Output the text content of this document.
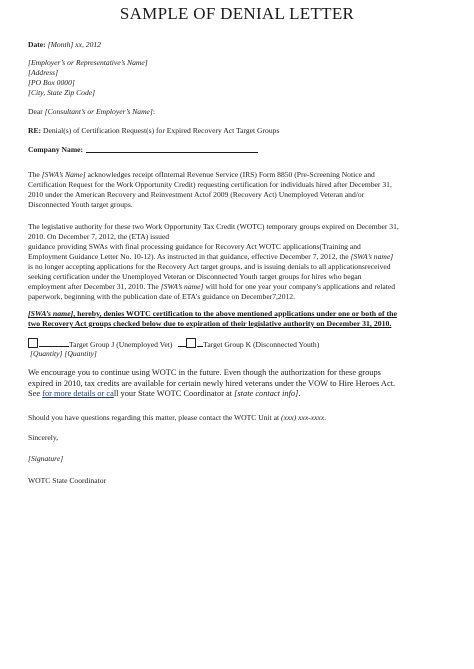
SAMPLE OF DENIAL LETTER
Date: [Month] xx, 2012
[Employer’s or Representative’s Name]
[Address]
[PO Box 0000]
[City, State Zip Code]
Dear [Consultant’s or Employer’s Name]:
RE: Denial(s) of Certification Request(s) for Expired Recovery Act Target Groups
Company Name:
The [SWA’s Name] acknowledges receipt ofInternal Revenue Service (IRS) Form 8850 (Pre-Screening Notice and
Certification Request for the Work Opportunity Credit) requesting certification for individuals hired after December 31,
2010 under the American Recovery and Reinvestment Actof 2009 (Recovery Act) Unemployed Veteran and/or
Disconnected Youth target groups.
The legislative authority for these two Work Opportunity Tax Credit (WOTC) temporary groups expired on December 31,
2010. On December 7, 2012, the (ETA) issued
guidance providing SWAs with final processing guidance for Recovery Act WOTC applications(Training and
Employment Guidance Letter No. 10-12). As instructed in that guidance, effective December 7, 2012, the [SWA’s name]
is no longer accepting applications for the Recovery Act target groups, and is issuing denials to all applicationsreceived
seeking certification under the Unemployed Veteran or Disconnected Youth target groups for hires who began
employment after December 31, 2010. The [SWA’s name] will hold for one year your company's applications and related
paperwork, beginning with the publication date of ETA’s guidance on December7,2012.
[SWA’s name], hereby, denies WOTC certification to the above mentioned applications under one or both of the
two Recovery Act groups checked below due to expiration of their legislative authority on December 31, 2010.
Target Group J (Unemployed Vet)	Target Group K (Disconnected Youth)
[Quantity] [Quantity]
We encourage you to continue using WOTC in the future. Even though the authorization for these groups
expired in 2010, tax credits are available for certain newly hired veterans under the VOW to Hire Heroes Act.
See for more details or call your State WOTC Coordinator at [state contact info].
Should you have questions regarding this matter, please contact the WOTC Unit at (xxx) xxx-xxxx.
Sincerely,
[Signature]
WOTC State Coordinator
